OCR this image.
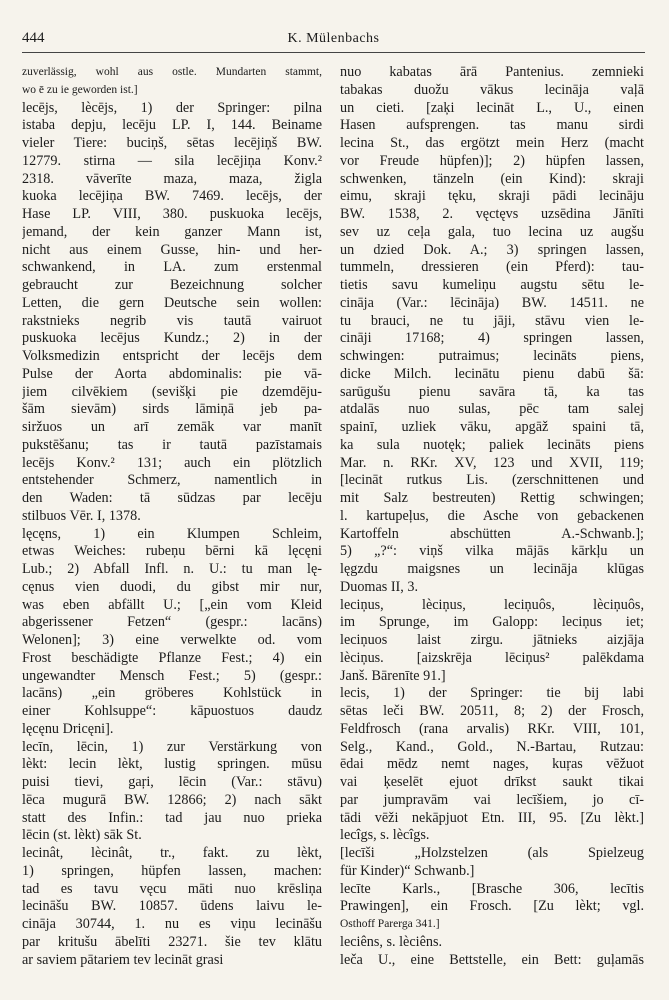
444	K. Mülenbachs
zuverlässig, wohl aus ostle. Mundarten stammt,
wo ē zu ie geworden ist.]
lecējs, lècējs, 1) der Springer: pilna
istaba depju, lecēju LP. I, 144. Beiname
vieler Tiere: buciņš, sētas lecējiņš BW.
12779. stirna — sila lecējiņa Konv.²
2318. vāverīte maza, maza, žigla
kuoka lecējiņa BW. 7469. lecējs, der
Hase LP. VIII, 380. puskuoka lecējs,
jemand, der kein ganzer Mann ist,
nicht aus einem Gusse, hin- und her-
schwankend, in LA. zum erstenmal
gebraucht zur Bezeichnung solcher
Letten, die gern Deutsche sein wollen:
rakstnieks negrib vis tautā vairuot
puskuoka lecējus Kundz.; 2) in der
Volksmedizin entspricht der lecējs dem
Pulse der Aorta abdominalis: pie vā-
jiem cilvēkiem (sevišķi pie dzemdēju-
šām sievām) sirds lāmiņā jeb pa-
siržuos un arī zemāk var manīt
pukstēšanu; tas ir tautā pazīstamais
lecējs Konv.² 131; auch ein plötzlich
entstehender Schmerz, namentlich in
den Waden: tā sūdzas par lecēju
stilbuos Vēr. I, 1378.
lęcęns, 1) ein Klumpen Schleim,
etwas Weiches: rubeņu bērni kā lęcęni
Lub.; 2) Abfall Infl. n. U.: tu man lę-
cęnus vien duodi, du gibst mir nur,
was eben abfällt U.; [„ein vom Kleid
abgerissener Fetzen“ (gespr.: lacāns)
Welonen]; 3) eine verwelkte od. vom
Frost beschädigte Pflanze Fest.; 4) ein
ungewandter Mensch Fest.; 5) (gespr.:
lacāns) „ein gröberes Kohlstück in
einer Kohlsuppe“: kāpuostuos daudz
lęcęnu Dricęni].
lecīn, lēcin, 1) zur Verstärkung von
lèkt: lecin lèkt, lustig springen. mūsu
puisi tievi, gaŗi, lēcin (Var.: stāvu)
lēca mugurā BW. 12866; 2) nach sākt
statt des Infin.: tad jau nuo prieka
lēcin (st. lèkt) sāk St.
lecinât, lècinât, tr., fakt. zu lèkt,
1) springen, hüpfen lassen, machen:
tad es tavu vęcu māti nuo krēsliņa
lecināšu BW. 10857. ūdens laivu le-
cināja 30744, 1. nu es viņu lecināšu
par kritušu ābelīti 23271. šie tev klātu
ar saviem pātariem tev lecināt grasi
nuo kabatas ārā Pantenius. zemnieki
tabakas duožu vākus lecināja vaļā
un cieti. [zaķi lecināt L., U., einen
Hasen aufsprengen. tas manu sirdi
lecina St., das ergötzt mein Herz (macht
vor Freude hüpfen)]; 2) hüpfen lassen,
schwenken, tänzeln (ein Kind): skraji
eimu, skraji tęku, skraji pādi lecināju
BW. 1538, 2. vęctęvs uzsēdina Jānīti
sev uz ceļa gala, tuo lecina uz augšu
un dzied Dok. A.; 3) springen lassen,
tummeln, dressieren (ein Pferd): tau-
tietis savu kumeliņu augstu sētu le-
cināja (Var.: lēcināja) BW. 14511. ne
tu brauci, ne tu jāji, stāvu vien le-
cināji 17168; 4) springen lassen,
schwingen: putraimus; lecināts piens,
dicke Milch. lecinātu pienu dabū šā:
sarūgušu pienu savāra tā, ka tas
atdalās nuo sulas, pēc tam salej
spainī, uzliek vāku, apgāž spaini tā,
ka sula nuotęk; paliek lecināts piens
Mar. n. RKr. XV, 123 und XVII, 119;
[lecināt rutkus Lis. (zerschnittenen und
mit Salz bestreuten) Rettig schwingen;
l. kartupeļus, die Asche von gebackenen
Kartoffeln abschütten A.-Schwanb.];
5) „?“: viņš vilka mājās kārkļu un
lęgzdu maigsnes un lecināja klūgas
Duomas II, 3.
leciņus, lèciņus, leciņuôs, lèciņuôs,
im Sprunge, im Galopp: leciņus iet;
leciņuos laist zirgu. jātnieks aizjāja
lèciņus. [aizskrēja lēciņus² palēkdama
Janš. Bārenīte 91.]
lecis, 1) der Springer: tie bij labi
sētas leči BW. 20511, 8; 2) der Frosch,
Feldfrosch (rana arvalis) RKr. VIII, 101,
Selg., Kand., Gold., N.-Bartau, Rutzau:
ēdai mēdz nemt nages, kuŗas vēžuot
vai ķeselēt ejuot drīkst saukt tikai
par jumpravām vai lecīšiem, jo cī-
tādi vēži nekāpjuot Etn. III, 95. [Zu lèkt.]
lecîgs, s. lècîgs.
[lecīši „Holzstelzen (als Spielzeug
für Kinder)“ Schwanb.]
lecīte Karls., [Brasche 306, lecītis
Prawingen], ein Frosch. [Zu lèkt; vgl.
Osthoff Parerga 341.]
leciêns, s. lèciêns.
leča U., eine Bettstelle, ein Bett: guļamās
